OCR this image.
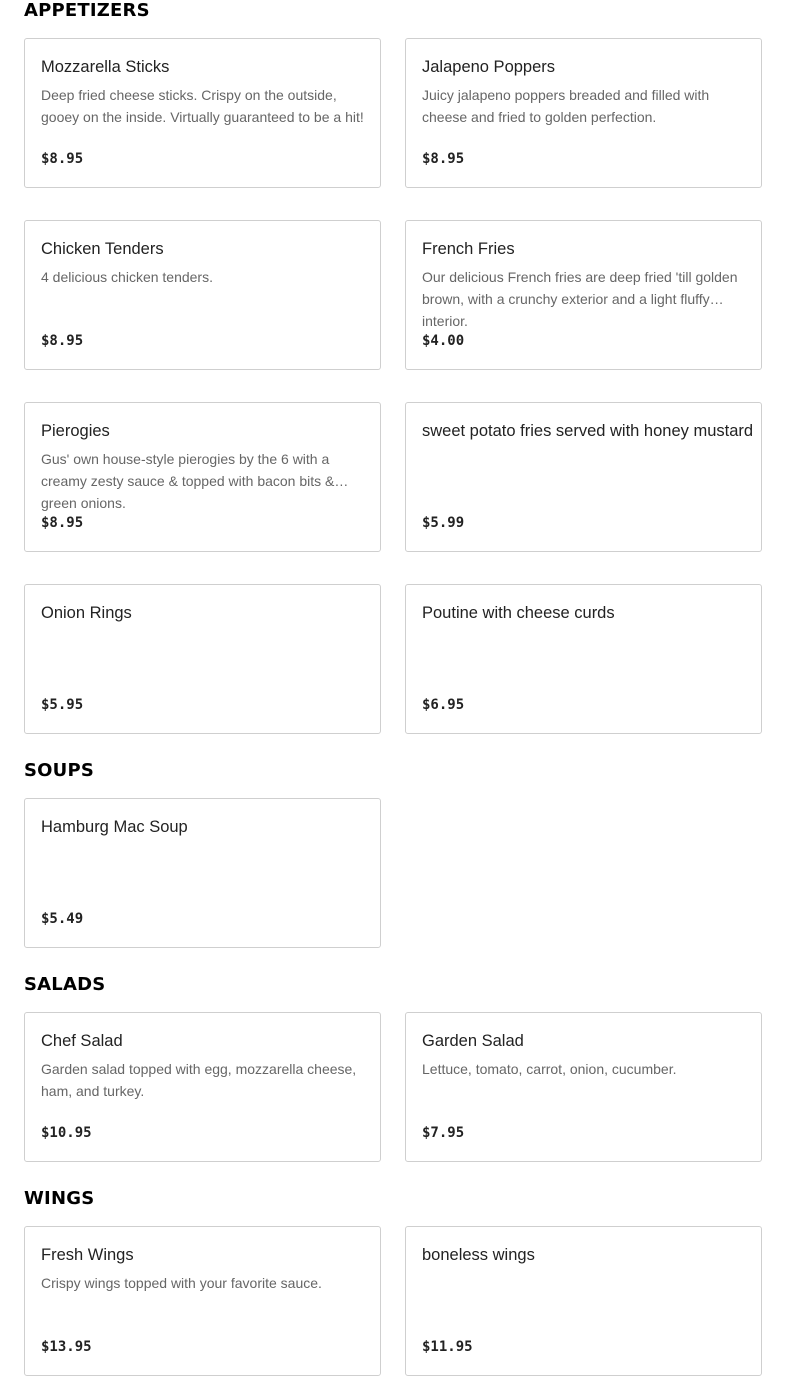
APPETIZERS
Mozzarella Sticks
Deep fried cheese sticks. Crispy on the outside, gooey on the inside. Virtually guaranteed to be a hit!
$8.95
Jalapeno Poppers
Juicy jalapeno poppers breaded and filled with cheese and fried to golden perfection.
$8.95
Chicken Tenders
4 delicious chicken tenders.
$8.95
French Fries
Our delicious French fries are deep fried 'till golden brown, with a crunchy exterior and a light fluffy interior.
$4.00
Pierogies
Gus' own house-style pierogies by the 6 with a creamy zesty sauce & topped with bacon bits & green onions.
$8.95
sweet potato fries served with honey mustard
$5.99
Onion Rings
$5.95
Poutine with cheese curds
$6.95
SOUPS
Hamburg Mac Soup
$5.49
SALADS
Chef Salad
Garden salad topped with egg, mozzarella cheese, ham, and turkey.
$10.95
Garden Salad
Lettuce, tomato, carrot, onion, cucumber.
$7.95
WINGS
Fresh Wings
Crispy wings topped with your favorite sauce.
$13.95
boneless wings
$11.95
